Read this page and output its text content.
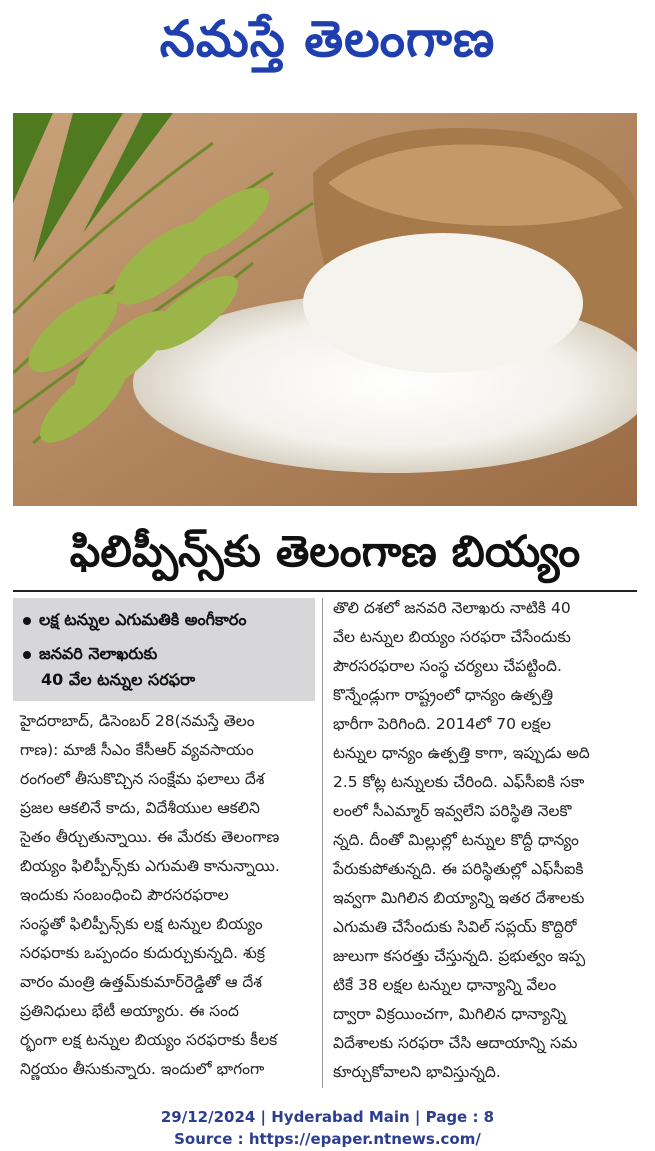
నమస్తే తెలంగాణ
ఫిలిప్పీన్స్‌కు తెలంగాణ బియ్యం
లక్ష టన్నుల ఎగుమతికి అంగీకారం
జనవరి నెలాఖరుకు
40 వేల టన్నుల సరఫరా
హైదరాబాద్‌, డిసెంబర్‌ 28(నమస్తే తెలం
గాణ): మాజీ సీఎం కేసీఆర్‌ వ్యవసాయం
రంగంలో తీసుకొచ్చిన సంక్షేమ ఫలాలు దేశ
ప్రజల ఆకలినే కాదు, విదేశీయుల ఆకలిని
సైతం తీర్చుతున్నాయి. ఈ మేరకు తెలంగాణ
బియ్యం ఫిలిప్పీన్స్‌కు ఎగుమతి కానున్నాయి.
ఇందుకు సంబంధించి పౌరసరఫరాల
సంస్థతో ఫిలిప్పీన్స్‌కు లక్ష టన్నుల బియ్యం
సరఫరాకు ఒప్పందం కుదుర్చుకున్నది. శుక్ర
వారం మంత్రి ఉత్తమ్‌కుమార్‌రెడ్డితో ఆ దేశ
ప్రతినిధులు భేటీ అయ్యారు. ఈ సంద
ర్భంగా లక్ష టన్నుల బియ్యం సరఫరాకు కీలక
నిర్ణయం తీసుకున్నారు. ఇందులో భాగంగా
తొలి దశలో జనవరి నెలాఖరు నాటికి 40
వేల టన్నుల బియ్యం సరఫరా చేసేందుకు
పౌరసరఫరాల సంస్థ చర్యలు చేపట్టింది.
కొన్నేండ్లుగా రాష్ట్రంలో ధాన్యం ఉత్పత్తి
భారీగా పెరిగింది. 2014లో 70 లక్షల
టన్నుల ధాన్యం ఉత్పత్తి కాగా, ఇప్పుడు అది
2.5 కోట్ల టన్నులకు చేరింది. ఎఫ్‌సీఐకి సకా
లంలో సీఎమ్మార్‌ ఇవ్వలేని పరిస్థితి నెలకొ
న్నది. దీంతో మిల్లుల్లో టన్నుల కొద్దీ ధాన్యం
పేరుకుపోతున్నది. ఈ పరిస్థితుల్లో ఎఫ్‌సీఐకి
ఇవ్వగా మిగిలిన బియ్యాన్ని ఇతర దేశాలకు
ఎగుమతి చేసేందుకు సివిల్‌ సప్లయ్‌ కొద్దిరో
జులుగా కసరత్తు చేస్తున్నది. ప్రభుత్వం ఇప్ప
టికే 38 లక్షల టన్నుల ధాన్యాన్ని వేలం
ద్వారా విక్రయించగా, మిగిలిన ధాన్యాన్ని
విదేశాలకు సరఫరా చేసి ఆదాయాన్ని సమ
కూర్చుకోవాలని భావిస్తున్నది.
29/12/2024 | Hyderabad Main | Page : 8
Source : https://epaper.ntnews.com/
